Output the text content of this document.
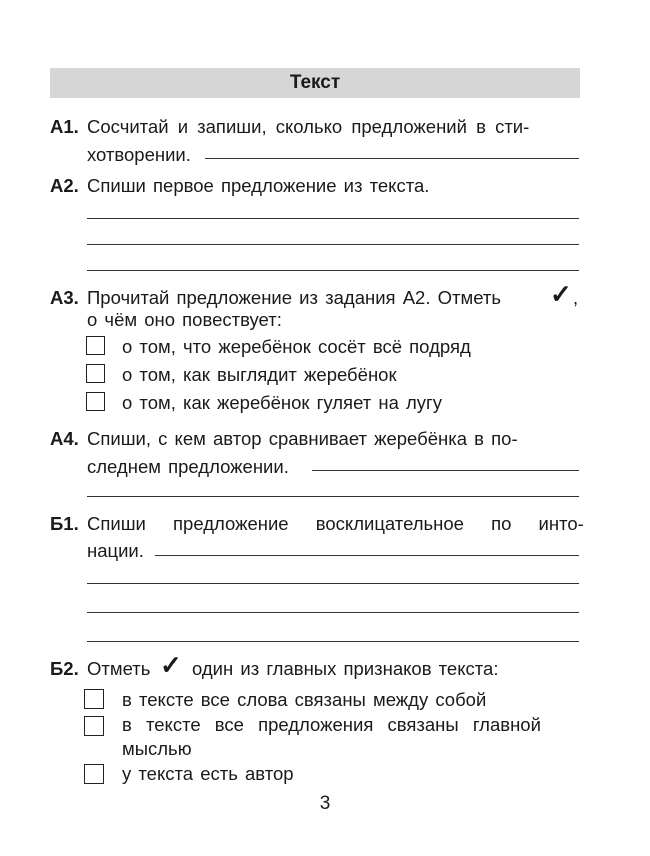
Текст
А1. Сосчитай и запиши, сколько предложений в сти-
хотворении.
А2. Спиши первое предложение из текста.
А3. Прочитай предложение из задания А2. Отметь ✓ ,
о чём оно повествует:
о том, что жеребёнок сосёт всё подряд
о том, как выглядит жеребёнок
о том, как жеребёнок гуляет на лугу
А4. Спиши, с кем автор сравнивает жеребёнка в по-
следнем предложении.
Б1. Спиши предложение восклицательное по инто-
нации.
Б2. Отметь ✓ один из главных признаков текста:
в тексте все слова связаны между собой
в тексте все предложения связаны главной
мыслью
у текста есть автор
3
